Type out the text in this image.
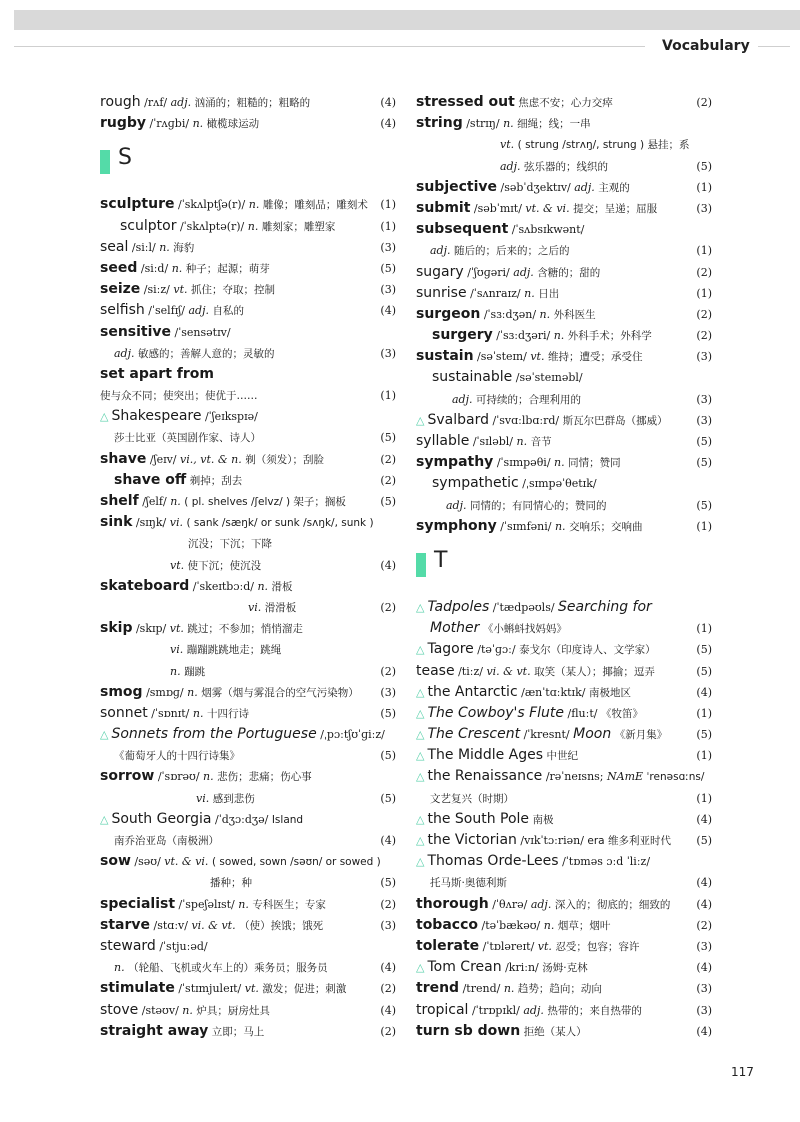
Vocabulary
rough /rʌf/ adj. 汹涌的；粗糙的；粗略的	(4)
rugby /ˈrʌɡbi/ n. 橄榄球运动	(4)
S
sculpture /ˈskʌlptʃə(r)/ n. 雕像；雕刻品；雕刻术 (1)
sculptor /ˈskʌlptə(r)/ n. 雕刻家；雕塑家	(1)
seal /siːl/ n. 海豹	(3)
seed /siːd/ n. 种子；起源；萌芽	(5)
seize /siːz/ vt. 抓住；夺取；控制	(3)
selfish /ˈselfɪʃ/ adj. 自私的	(4)
sensitive /ˈsensətɪv/
adj. 敏感的；善解人意的；灵敏的	(3)
set apart from
使与众不同；使突出；使优于……	(1)
△ Shakespeare /ˈʃeɪkspɪə/
莎士比亚（英国剧作家、诗人）	(5)
shave /ʃeɪv/ vi., vt. & n. 剃（须发）；刮脸	(2)
shave off 剃掉；刮去	(2)
shelf /ʃelf/ n. ( pl. shelves /ʃelvz/ ) 架子；搁板	(5)
sink /sɪŋk/ vi. ( sank /sæŋk/ or sunk /sʌŋk/, sunk )
沉没；下沉；下降
vt. 使下沉；使沉没	(4)
skateboard /ˈskeɪtbɔːd/ n. 滑板
vi. 滑滑板	(2)
skip /skɪp/ vt. 跳过；不参加；悄悄溜走
vi. 蹦蹦跳跳地走；跳绳
n. 蹦跳	(2)
smog /smɒɡ/ n. 烟雾（烟与雾混合的空气污染物） (3)
sonnet /ˈsɒnɪt/ n. 十四行诗	(5)
△ Sonnets from the Portuguese /ˌpɔːtʃʊˈɡiːz/
《葡萄牙人的十四行诗集》	(5)
sorrow /ˈsɒrəʊ/ n. 悲伤；悲痛；伤心事
vi. 感到悲伤	(5)
△ South Georgia /ˈdʒɔːdʒə/ Island
南乔治亚岛（南极洲）	(4)
sow /səʊ/ vt. & vi. ( sowed, sown /səʊn/ or sowed )
播种；种	(5)
specialist /ˈspeʃəlɪst/ n. 专科医生；专家	(2)
starve /stɑːv/ vi. & vt. （使）挨饿；饿死	(3)
steward /ˈstjuːəd/
n. （轮船、飞机或火车上的）乘务员；服务员	(4)
stimulate /ˈstɪmjuleɪt/ vt. 激发；促进；刺激	(2)
stove /stəʊv/ n. 炉具；厨房灶具	(4)
straight away 立即；马上	(2)
stressed out 焦虑不安；心力交瘁	(2)
string /strɪŋ/ n. 细绳；线；一串
vt. ( strung /strʌŋ/, strung ) 悬挂；系
adj. 弦乐器的；线织的	(5)
subjective /səbˈdʒektɪv/ adj. 主观的	(1)
submit /səbˈmɪt/ vt. & vi. 提交；呈递；屈服	(3)
subsequent /ˈsʌbsɪkwənt/
adj. 随后的；后来的；之后的	(1)
sugary /ˈʃʊɡəri/ adj. 含糖的；甜的	(2)
sunrise /ˈsʌnraɪz/ n. 日出	(1)
surgeon /ˈsɜːdʒən/ n. 外科医生	(2)
surgery /ˈsɜːdʒəri/ n. 外科手术；外科学	(2)
sustain /səˈsteɪn/ vt. 维持；遭受；承受住	(3)
sustainable /səˈsteɪnəbl/
adj. 可持续的；合理利用的	(3)
△ Svalbard /ˈsvɑːlbɑːrd/ 斯瓦尔巴群岛（挪威）	(3)
syllable /ˈsɪləbl/ n. 音节	(5)
sympathy /ˈsɪmpəθi/ n. 同情；赞同	(5)
sympathetic /ˌsɪmpəˈθetɪk/
adj. 同情的；有同情心的；赞同的	(5)
symphony /ˈsɪmfəni/ n. 交响乐；交响曲	(1)
T
△ Tadpoles /ˈtædpəʊls/ Searching for
Mother 《小蝌蚪找妈妈》	(1)
△ Tagore /təˈɡɔː/ 泰戈尔（印度诗人、文学家）	(5)
tease /tiːz/ vi. & vt. 取笑（某人）；揶揄；逗弄	(5)
△ the Antarctic /ænˈtɑːktɪk/ 南极地区	(4)
△ The Cowboy's Flute /fluːt/ 《牧笛》	(1)
△ The Crescent /ˈkresnt/ Moon 《新月集》	(5)
△ The Middle Ages 中世纪	(1)
△ the Renaissance /rəˈneɪsns; NAmE ˈrenəsɑːns/
文艺复兴（时期）	(1)
△ the South Pole 南极	(4)
△ the Victorian /vɪkˈtɔːriən/ era 维多利亚时代 (5)
△ Thomas Orde-Lees /ˈtɒməs ɔːd ˈliːz/
托马斯·奥德利斯	(4)
thorough /ˈθʌrə/ adj. 深入的；彻底的；细致的 (4)
tobacco /təˈbækəʊ/ n. 烟草；烟叶	(2)
tolerate /ˈtɒləreɪt/ vt. 忍受；包容；容许	(3)
△ Tom Crean /kriːn/ 汤姆·克林	(4)
trend /trend/ n. 趋势；趋向；动向	(3)
tropical /ˈtrɒpɪkl/ adj. 热带的；来自热带的	(3)
turn sb down 拒绝（某人）	(4)
117
